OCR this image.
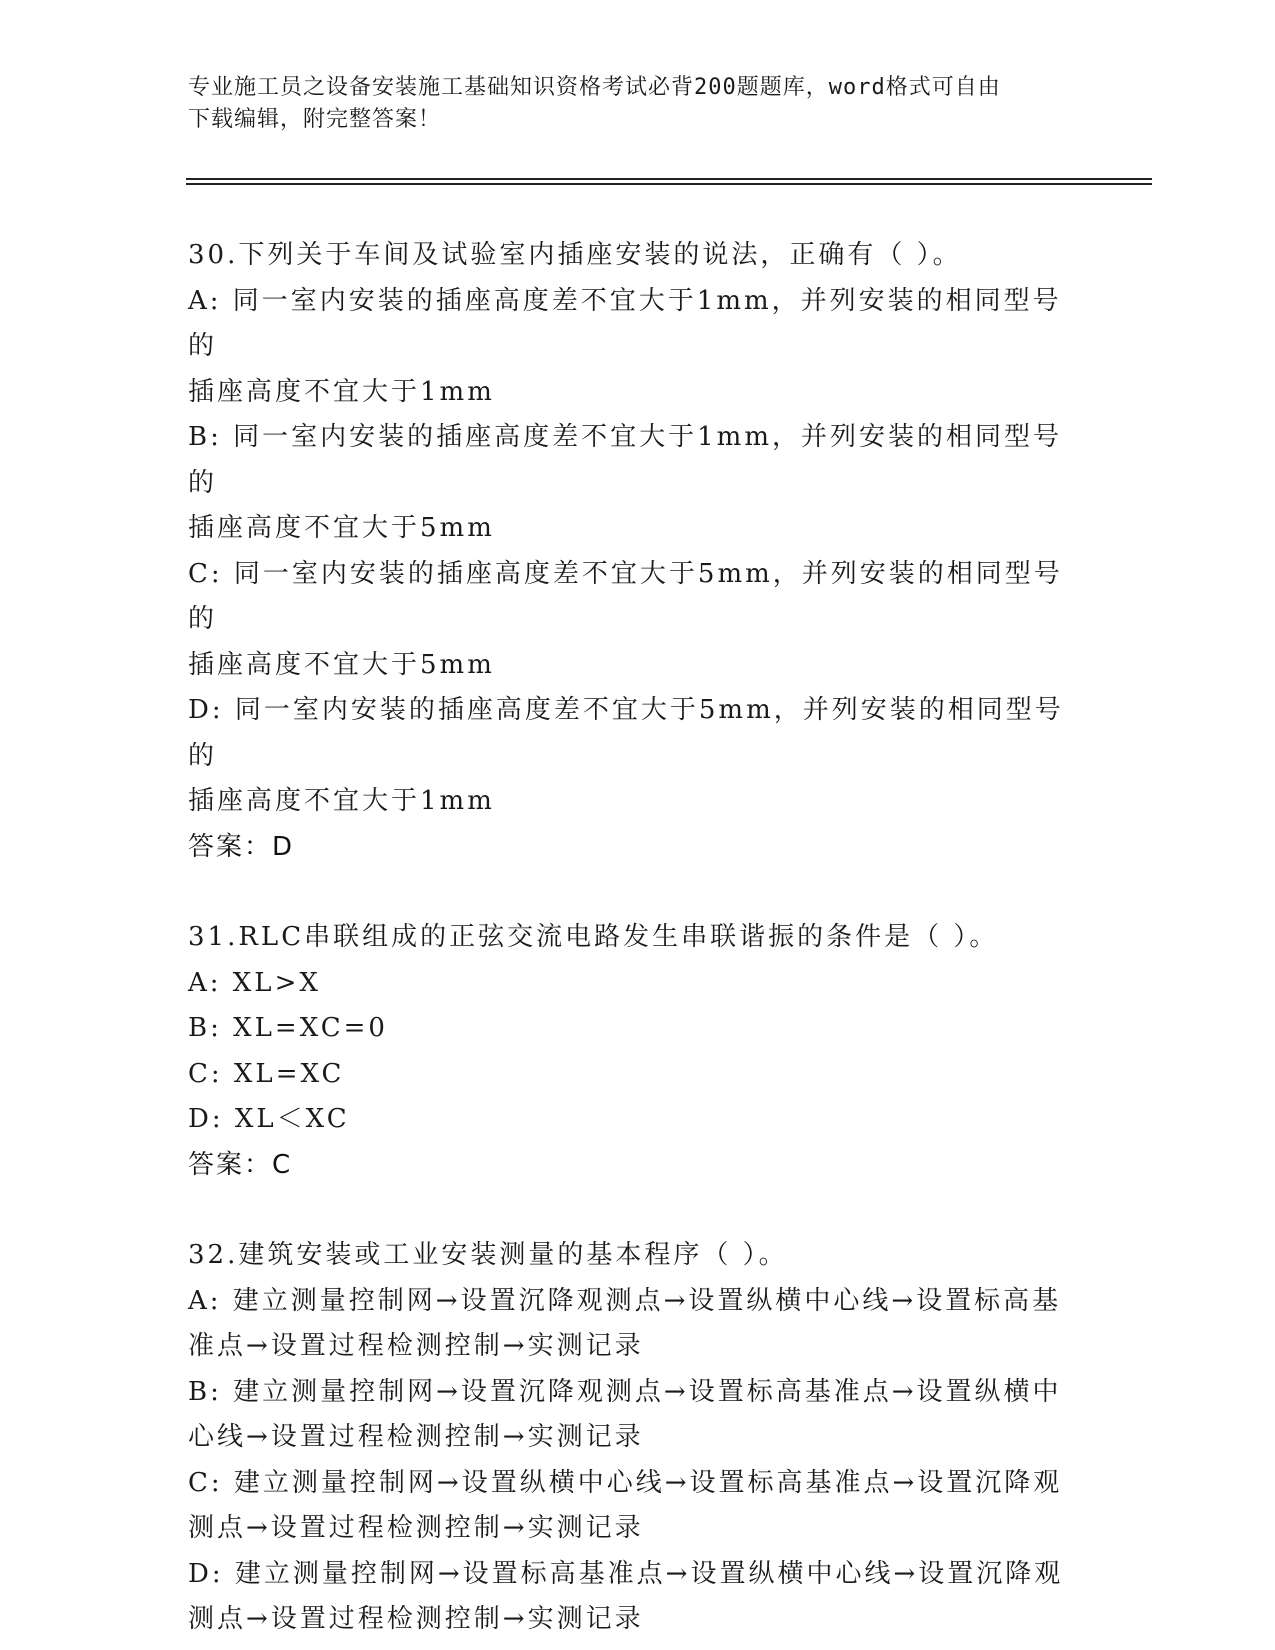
专业施工员之设备安装施工基础知识资格考试必背200题题库，word格式可自由
下载编辑，附完整答案！
30.下列关于车间及试验室内插座安装的说法，正确有（ ）。
A: 同一室内安装的插座高度差不宜大于1mm，并列安装的相同型号的
插座高度不宜大于1mm
B: 同一室内安装的插座高度差不宜大于1mm，并列安装的相同型号的
插座高度不宜大于5mm
C: 同一室内安装的插座高度差不宜大于5mm，并列安装的相同型号的
插座高度不宜大于5mm
D: 同一室内安装的插座高度差不宜大于5mm，并列安装的相同型号的
插座高度不宜大于1mm
答案：D
31.RLC串联组成的正弦交流电路发生串联谐振的条件是（ ）。
A: XL>X
B: XL=XC=0
C: XL=XC
D: XL＜XC
答案：C
32.建筑安装或工业安装测量的基本程序（ ）。
A: 建立测量控制网→设置沉降观测点→设置纵横中心线→设置标高基
准点→设置过程检测控制→实测记录
B: 建立测量控制网→设置沉降观测点→设置标高基准点→设置纵横中
心线→设置过程检测控制→实测记录
C: 建立测量控制网→设置纵横中心线→设置标高基准点→设置沉降观
测点→设置过程检测控制→实测记录
D: 建立测量控制网→设置标高基准点→设置纵横中心线→设置沉降观
测点→设置过程检测控制→实测记录
